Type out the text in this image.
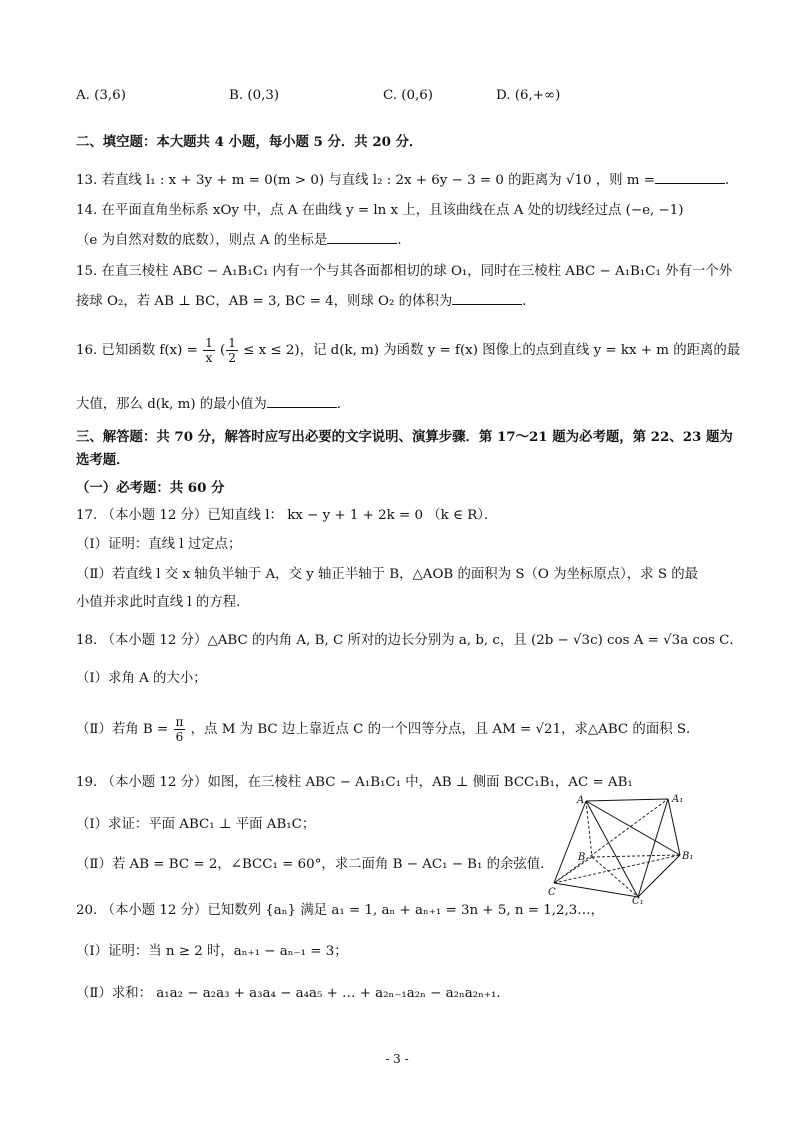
A. (3,6)	B. (0,3)	C. (0,6)	D. (6,+∞)
二、填空题：本大题共 4 小题，每小题 5 分．共 20 分．
13. 若直线 l₁ : x + 3y + m = 0(m > 0) 与直线 l₂ : 2x + 6y − 3 = 0 的距离为 √10 ，则 m =	．
14. 在平面直角坐标系 xOy 中，点 A 在曲线 y = ln x 上，且该曲线在点 A 处的切线经过点 (−e, −1)
（e 为自然对数的底数），则点 A 的坐标是	．
15. 在直三棱柱 ABC − A₁B₁C₁ 内有一个与其各面都相切的球 O₁，同时在三棱柱 ABC − A₁B₁C₁ 外有一个外
接球 O₂，若 AB ⊥ BC，AB = 3, BC = 4，则球 O₂ 的体积为	．
16. 已知函数 $f(x) = \frac{1}{x}$ ( $\frac{1}{2} \le x \le 2$)，记 d(k, m) 为函数 y = f(x) 图像上的点到直线 y = kx + m 的距离的最
大值，那么 d(k, m) 的最小值为	．
三、解答题：共 70 分，解答时应写出必要的文字说明、演算步骤．第 17～21 题为必考题，第 22、23 题为
选考题．
（一）必考题：共 60 分
17. （本小题 12 分）已知直线 l： kx − y + 1 + 2k = 0 （k ∈ R）．
（Ⅰ）证明：直线 l 过定点；
（Ⅱ）若直线 l 交 x 轴负半轴于 A，交 y 轴正半轴于 B，△AOB 的面积为 S（O 为坐标原点），求 S 的最
小值并求此时直线 l 的方程．
18. （本小题 12 分）△ABC 的内角 A, B, C 所对的边长分别为 a, b, c，且 (2b − √3c) cos A = √3a cos C．
（Ⅰ）求角 A 的大小；
（Ⅱ）若角 $B = \frac{\pi}{6}$ ，点 M 为 BC 边上靠近点 C 的一个四等分点，且 AM = √21，求△ABC 的面积 S．
19. （本小题 12 分）如图，在三棱柱 ABC − A₁B₁C₁ 中，AB ⊥ 侧面 BCC₁B₁，AC = AB₁
（Ⅰ）求证：平面 ABC₁ ⊥ 平面 AB₁C；
（Ⅱ）若 AB = BC = 2，∠BCC₁ = 60°，求二面角 B − AC₁ − B₁ 的余弦值．
A	A₁
B	B₁
C
C₁
20. （本小题 12 分）已知数列 {aₙ} 满足 a₁ = 1, aₙ + aₙ₊₁ = 3n + 5, n = 1,2,3…，
（Ⅰ）证明：当 n ≥ 2 时，aₙ₊₁ − aₙ₋₁ = 3；
（Ⅱ）求和： a₁a₂ − a₂a₃ + a₃a₄ − a₄a₅ + … + a₂ₙ₋₁a₂ₙ − a₂ₙa₂ₙ₊₁．
- 3 -
